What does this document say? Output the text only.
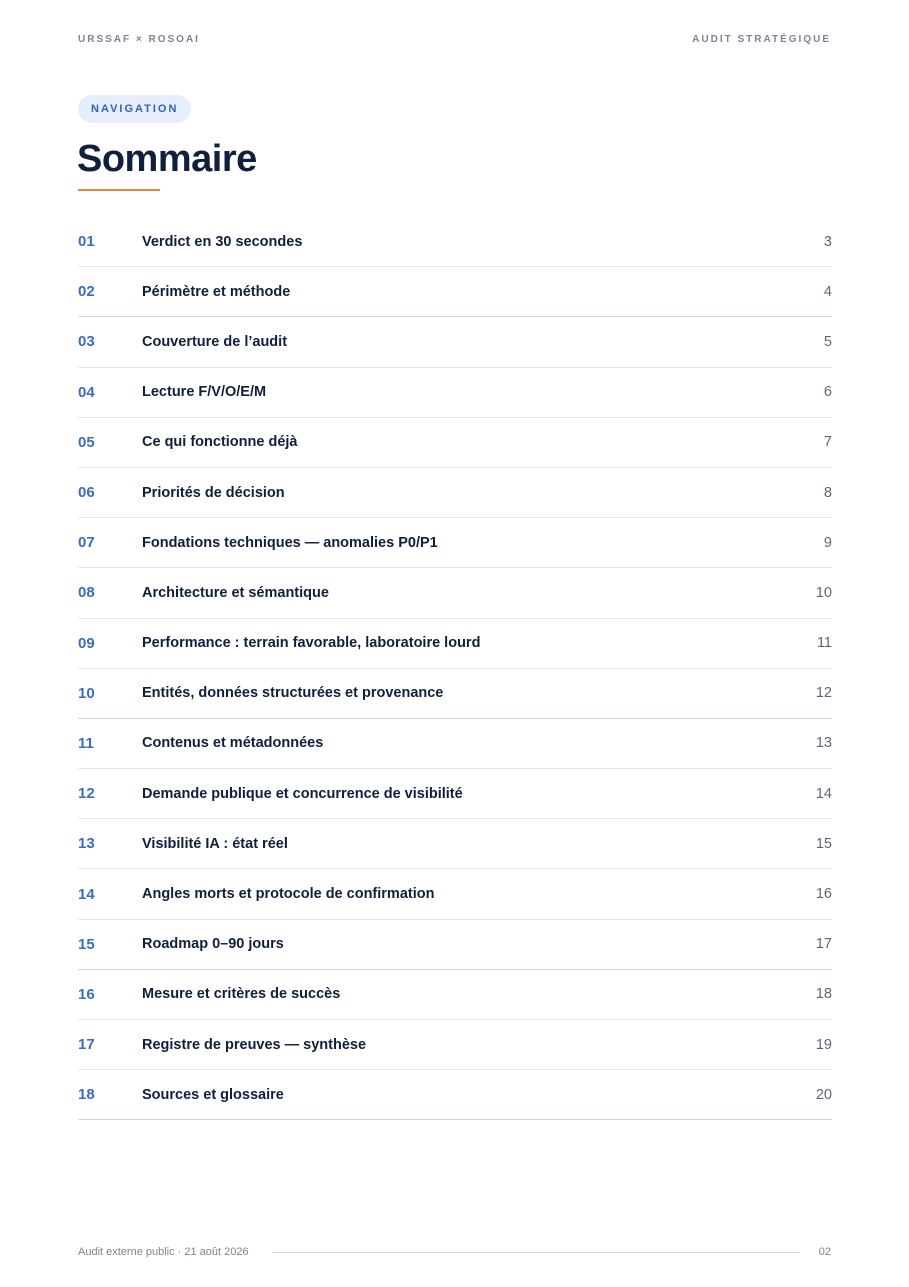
URSSAF × ROSOAI	AUDIT STRATÉGIQUE
NAVIGATION
Sommaire
01	Verdict en 30 secondes	3
02	Périmètre et méthode	4
03	Couverture de l’audit	5
04	Lecture F/V/O/E/M	6
05	Ce qui fonctionne déjà	7
06	Priorités de décision	8
07	Fondations techniques — anomalies P0/P1	9
08	Architecture et sémantique	10
09	Performance : terrain favorable, laboratoire lourd	11
10	Entités, données structurées et provenance	12
11	Contenus et métadonnées	13
12	Demande publique et concurrence de visibilité	14
13	Visibilité IA : état réel	15
14	Angles morts et protocole de confirmation	16
15	Roadmap 0–90 jours	17
16	Mesure et critères de succès	18
17	Registre de preuves — synthèse	19
18	Sources et glossaire	20
Audit externe public · 21 août 2026	02
